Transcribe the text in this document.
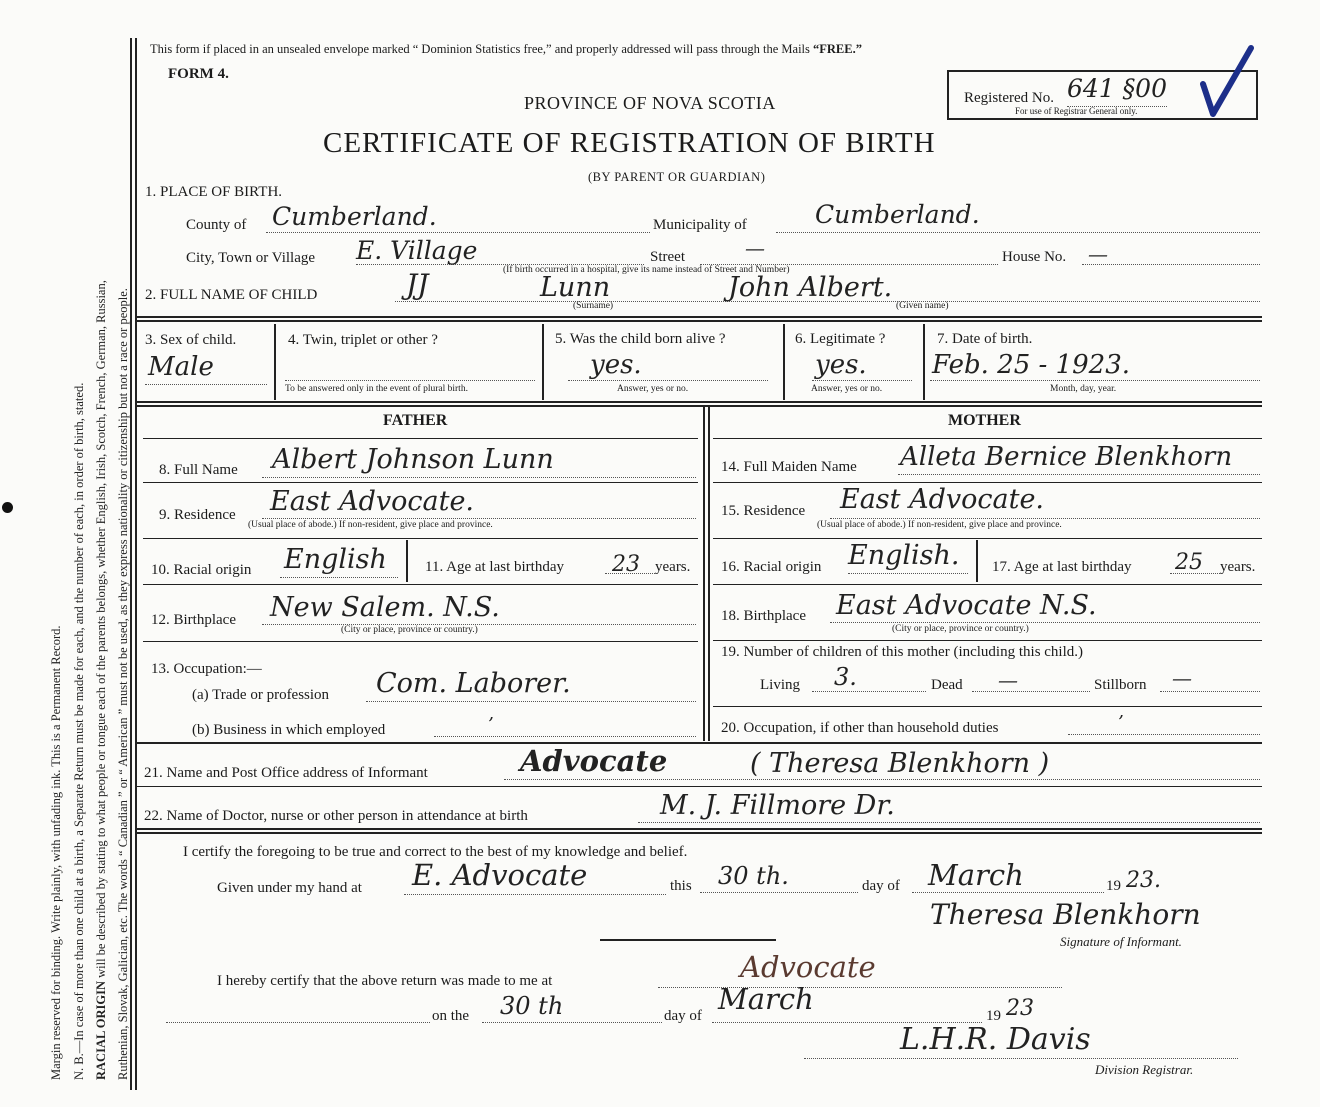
Margin reserved for binding. Write plainly, with unfading ink. This is a Permanent Record. N. B.—In case of more than one child at a birth, a Separate Return must be made for each, and the number of each, in order of birth, stated. RACIAL ORIGIN will be described by stating to what people or tongue each of the parents belongs, whether English, Irish, Scotch, French, German, Russian, Ruthenian, Slovak, Galician, etc. The words “ Canadian ” or “ American ” must not be used, as they express nationality or citizenship but not a race or people.
This form if placed in an unsealed envelope marked “ Dominion Statistics free,” and properly addressed will pass through the Mails “FREE.”
FORM 4.
PROVINCE OF NOVA SCOTIA
CERTIFICATE OF REGISTRATION OF BIRTH
(BY PARENT OR GUARDIAN)
Registered No. 641 §00
For use of Registrar General only.
1. PLACE OF BIRTH.
County of Cumberland.	Municipality of	Cumberland.
City, Town or Village E. Village	Street	—	House No. —
(If birth occurred in a hospital, give its name instead of Street and Number)
2. FULL NAME OF CHILD	JJ	Lunn	John Albert.
(Surname)	(Given name)
3. Sex of child.
Male
4. Twin, triplet or other ?
To be answered only in the event of plural birth.
5. Was the child born alive ?
yes.
Answer, yes or no.
6. Legitimate ?
yes.
Answer, yes or no.
7. Date of birth.
Feb. 25 - 1923.
Month, day, year.
FATHER	MOTHER
8. Full Name Albert Johnson Lunn
9. Residence East Advocate.
(Usual place of abode.) If non-resident, give place and province.
10. Racial origin English	11. Age at last birthday 23 years.
12. Birthplace New Salem. N.S.
(City or place, province or country.)
13. Occupation:—
(a) Trade or profession Com. Laborer.
(b) Business in which employed	’
14. Full Maiden Name Alleta Bernice Blenkhorn
15. Residence East Advocate.
(Usual place of abode.) If non-resident, give place and province.
16. Racial origin English. 17. Age at last birthday 25 years.
18. Birthplace East Advocate N.S.
(City or place, province or country.)
19. Number of children of this mother (including this child.)
Living 3.	Dead —	Stillborn —
20. Occupation, if other than household duties	’
21. Name and Post Office address of Informant	Advocate	( Theresa Blenkhorn )
22. Name of Doctor, nurse or other person in attendance at birth	M. J. Fillmore Dr.
I certify the foregoing to be true and correct to the best of my knowledge and belief.
Given under my hand at E. Advocate	this 30 th.	day of March	19 23.
Theresa Blenkhorn
Signature of Informant.
I hereby certify that the above return was made to me at	Advocate
on the 30 th	day of March	19 23
L.H.R. Davis
Division Registrar.
